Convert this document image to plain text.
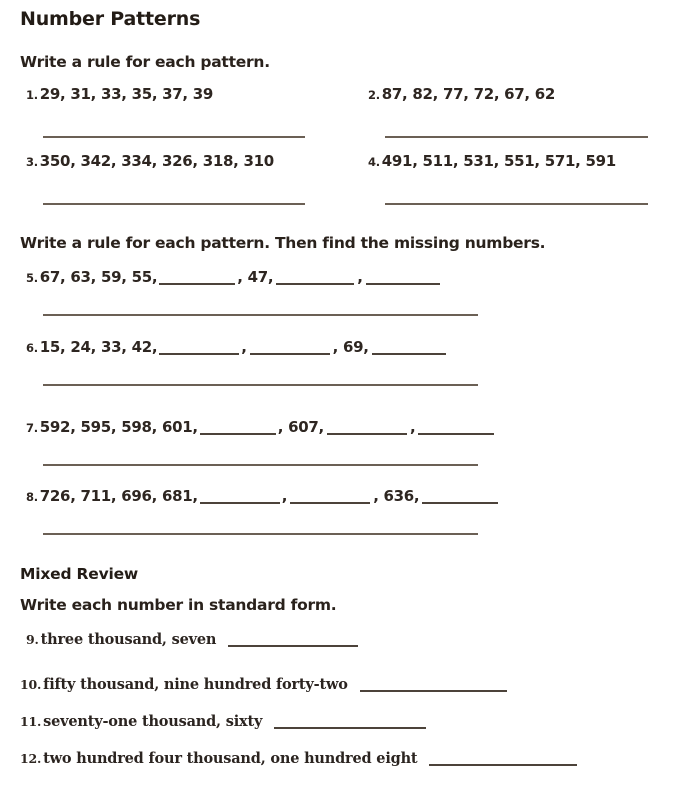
Number Patterns
Write a rule for each pattern.
1. 29, 31, 33, 35, 37, 39	2. 87, 82, 77, 72, 67, 62
3. 350, 342, 334, 326, 318, 310	4. 491, 511, 531, 551, 571, 591
Write a rule for each pattern. Then find the missing numbers.
5. 67, 63, 59, 55,	, 47,	,
6. 15, 24, 33, 42,	,	, 69,
7. 592, 595, 598, 601,	, 607,	,
8. 726, 711, 696, 681,	,	, 636,
Mixed Review
Write each number in standard form.
9. three thousand, seven
10. fifty thousand, nine hundred forty-two
11. seventy-one thousand, sixty
12. two hundred four thousand, one hundred eight
